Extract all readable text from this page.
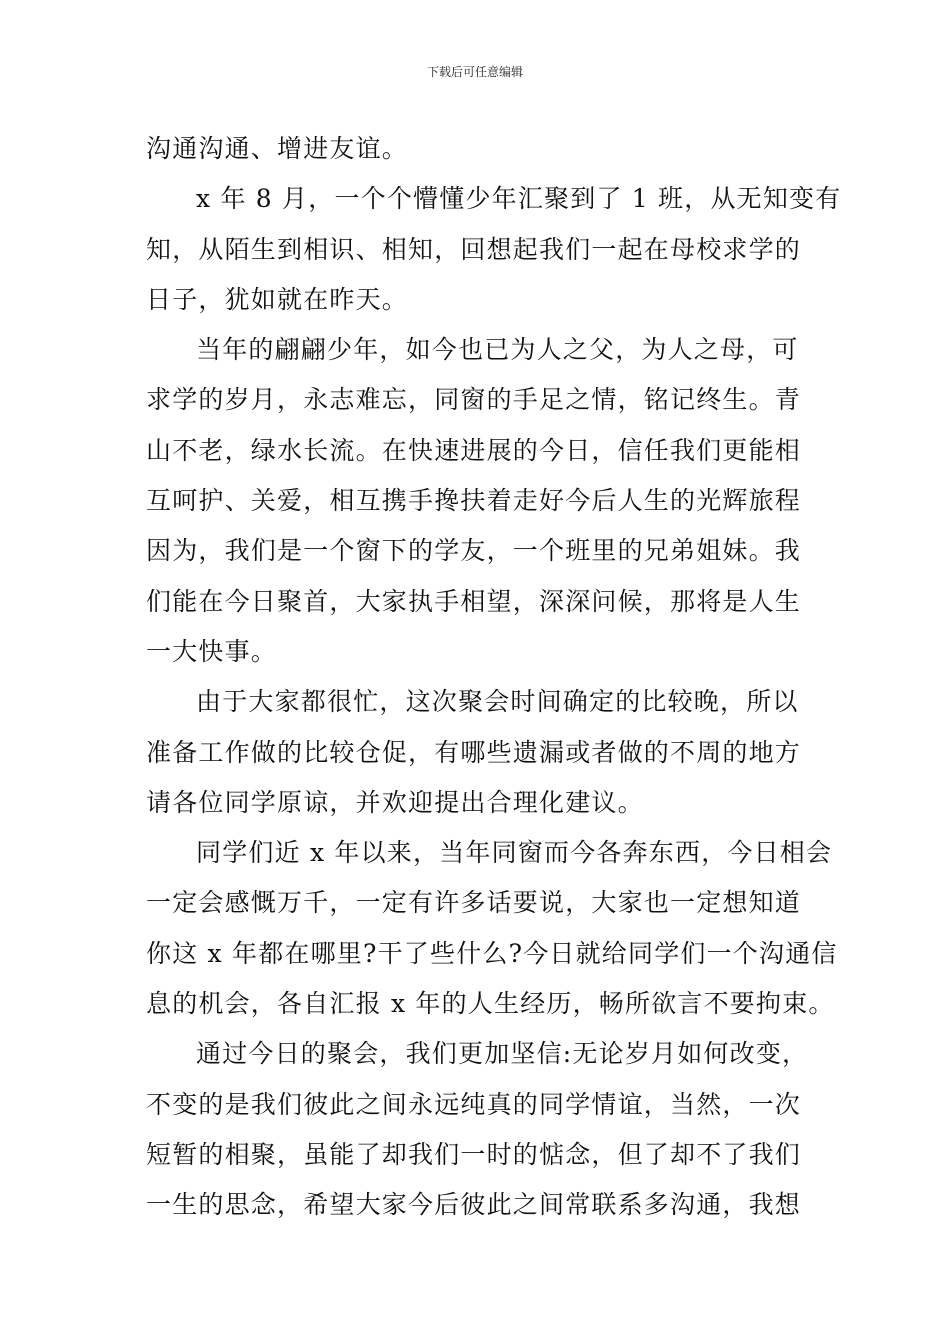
下载后可任意编辑
沟通沟通、增进友谊。
x 年 8 月，一个个懵懂少年汇聚到了 1 班，从无知变有
知，从陌生到相识、相知，回想起我们一起在母校求学的
日子，犹如就在昨天。
当年的翩翩少年，如今也已为人之父，为人之母，可
求学的岁月，永志难忘，同窗的手足之情，铭记终生。青
山不老，绿水长流。在快速进展的今日，信任我们更能相
互呵护、关爱，相互携手搀扶着走好今后人生的光辉旅程
因为，我们是一个窗下的学友，一个班里的兄弟姐妹。我
们能在今日聚首，大家执手相望，深深问候，那将是人生
一大快事。
由于大家都很忙，这次聚会时间确定的比较晚，所以
准备工作做的比较仓促，有哪些遗漏或者做的不周的地方
请各位同学原谅，并欢迎提出合理化建议。
同学们近 x 年以来，当年同窗而今各奔东西，今日相会
一定会感慨万千，一定有许多话要说，大家也一定想知道
你这 x 年都在哪里?干了些什么?今日就给同学们一个沟通信
息的机会，各自汇报 x 年的人生经历，畅所欲言不要拘束。
通过今日的聚会，我们更加坚信:无论岁月如何改变，
不变的是我们彼此之间永远纯真的同学情谊，当然，一次
短暂的相聚，虽能了却我们一时的惦念，但了却不了我们
一生的思念，希望大家今后彼此之间常联系多沟通，我想
